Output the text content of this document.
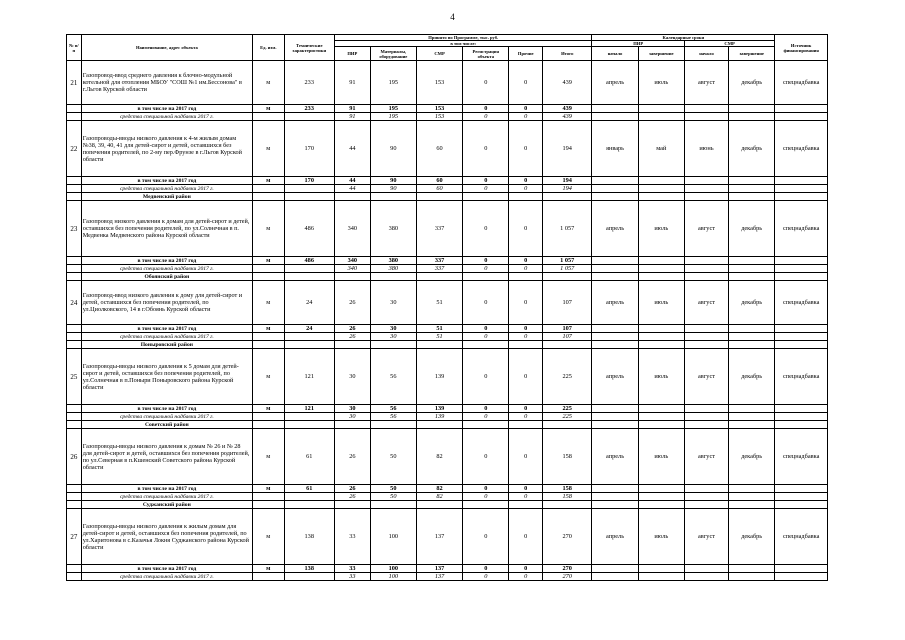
4
№ п/п	Наименование, адрес объекта	Ед. изм.	Технические характеристики	Принято по Программе, тыс. руб.						Календарные сроки				Источник финансирования
				в том числе:						ПИР		СМР		
				ПИР	Материалы, оборудование	СМР	Регистрация объекта	Прочие	Итого	начало	завершение	начало	завершение	
21	Газопровод-ввод среднего давления к блочно-модульной котельной для отопления МБОУ "СОШ №1 им.Бессонова" в г.Льгов Курской области	м	233	91	195	153	0	0	439	апрель	июль	август	декабрь	спецнадбавка
	в том числе на 2017 год	м	233	91	195	153	0	0	439					
	средства специальной надбавки 2017 г.			91	195	153	0	0	439					
22	Газопроводы-вводы низкого давления к 4-м жилым домам №38, 39, 40, 41 для детей-сирот и детей, оставшихся без попечения родителей, по 2-му пер.Фрунзе в г.Льгов Курской области	м	170	44	90	60	0	0	194	январь	май	июнь	декабрь	спецнадбавка
	в том числе на 2017 год	м	170	44	90	60	0	0	194					
	средства специальной надбавки 2017 г.			44	90	60	0	0	194					
	Медвенский район													
23	Газопровод низкого давления к домам для детей-сирот и детей, оставшихся без попечения родителей, по ул.Солнечная в п. Медвенка Медвенского района Курской области	м	486	340	380	337	0	0	1 057	апрель	июль	август	декабрь	спецнадбавка
	в том числе на 2017 год	м	486	340	380	337	0	0	1 057					
	средства специальной надбавки 2017 г.			340	380	337	0	0	1 057					
	Обоянский район													
24	Газопровод-ввод низкого давления к дому для детей-сирот и детей, оставшихся без попечения родителей, по ул.Циолковского, 14 в г.Обоянь Курской области	м	24	26	30	51	0	0	107	апрель	июль	август	декабрь	спецнадбавка
	в том числе на 2017 год	м	24	26	30	51	0	0	107					
	средства специальной надбавки 2017 г.			26	30	51	0	0	107					
	Поныровский район													
25	Газопроводы-вводы низкого давления к 5 домам для детей-сирот и детей, оставшихся без попечения родителей, по ул.Солнечная в п.Поныри Поныровского района Курской области	м	121	30	56	139	0	0	225	апрель	июль	август	декабрь	спецнадбавка
	в том числе на 2017 год	м	121	30	56	139	0	0	225					
	средства специальной надбавки 2017 г.			30	56	139	0	0	225					
	Советский район													
26	Газопроводы-вводы низкого давления к домам № 26 и № 28 для детей-сирот и детей, оставшихся без попечения родителей, по ул.Северная в п.Кшенский Советского района Курской области	м	61	26	50	82	0	0	158	апрель	июль	август	декабрь	спецнадбавка
	в том числе на 2017 год	м	61	26	50	82	0	0	158					
	средства специальной надбавки 2017 г.			26	50	82	0	0	158					
	Суджанский район													
27	Газопроводы-вводы низкого давления к жилым домам для детей-сирот и детей, оставшихся без попечения родителей, по ул.Харитонова в с.Казачья Локня Суджанского района Курской области	м	138	33	100	137	0	0	270	апрель	июль	август	декабрь	спецнадбавка
	в том числе на 2017 год	м	138	33	100	137	0	0	270					
	средства специальной надбавки 2017 г.			33	100	137	0	0	270					
